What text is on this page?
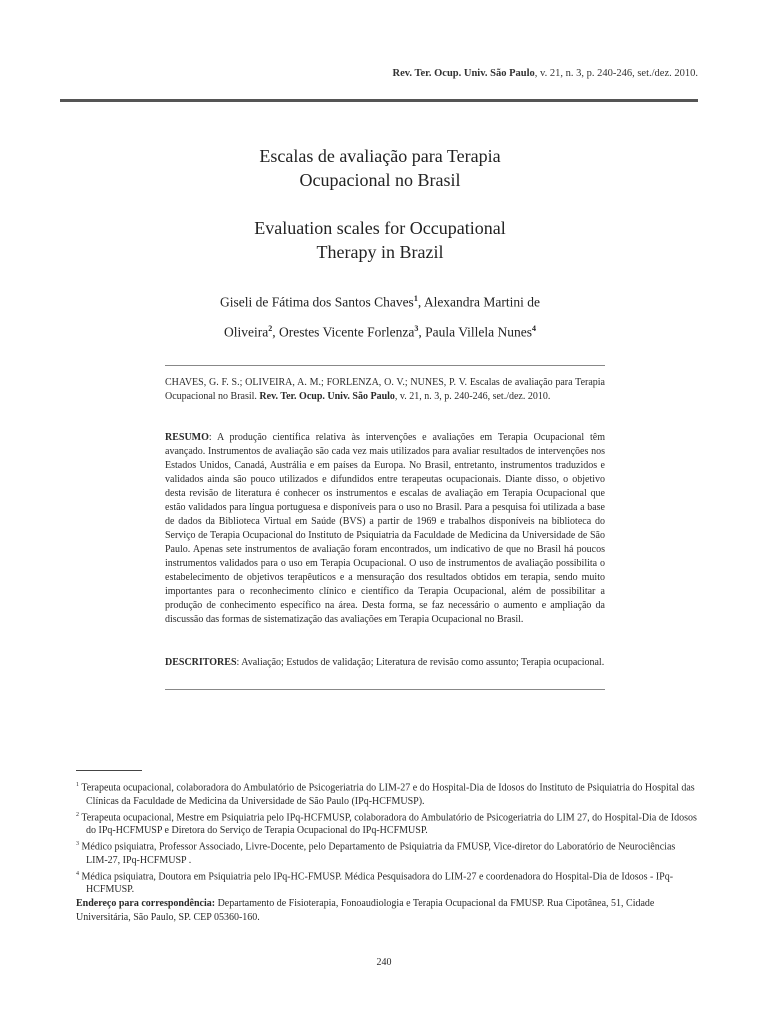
Rev. Ter. Ocup. Univ. São Paulo, v. 21, n. 3, p. 240-246, set./dez. 2010.
Escalas de avaliação para Terapia
Ocupacional no Brasil
Evaluation scales for Occupational
Therapy in Brazil
Giseli de Fátima dos Santos Chaves$^1$, Alexandra Martini de
Oliveira$^2$, Orestes Vicente Forlenza$^3$, Paula Villela Nunes$^4$
CHAVES, G. F. S.; OLIVEIRA, A. M.; FORLENZA, O. V.; NUNES, P. V. Escalas de avaliação para Terapia Ocupacional no Brasil. Rev. Ter. Ocup. Univ. São Paulo, v. 21, n. 3, p. 240-246, set./dez. 2010.
RESUMO: A produção científica relativa às intervenções e avaliações em Terapia Ocupacional têm avançado. Instrumentos de avaliação são cada vez mais utilizados para avaliar resultados de intervenções nos Estados Unidos, Canadá, Austrália e em países da Europa. No Brasil, entretanto, instrumentos traduzidos e validados ainda são pouco utilizados e difundidos entre terapeutas ocupacionais. Diante disso, o objetivo desta revisão de literatura é conhecer os instrumentos e escalas de avaliação em Terapia Ocupacional que estão validados para língua portuguesa e disponíveis para o uso no Brasil. Para a pesquisa foi utilizada a base de dados da Biblioteca Virtual em Saúde (BVS) a partir de 1969 e trabalhos disponíveis na biblioteca do Serviço de Terapia Ocupacional do Instituto de Psiquiatria da Faculdade de Medicina da Universidade de São Paulo. Apenas sete instrumentos de avaliação foram encontrados, um indicativo de que no Brasil há poucos instrumentos validados para o uso em Terapia Ocupacional. O uso de instrumentos de avaliação possibilita o estabelecimento de objetivos terapêuticos e a mensuração dos resultados obtidos em terapia, sendo muito importantes para o reconhecimento clínico e científico da Terapia Ocupacional, além de possibilitar a produção de conhecimento específico na área. Desta forma, se faz necessário o aumento e ampliação da discussão das formas de sistematização das avaliações em Terapia Ocupacional no Brasil.
DESCRITORES: Avaliação; Estudos de validação; Literatura de revisão como assunto; Terapia ocupacional.

$^1$ Terapeuta ocupacional, colaboradora do Ambulatório de Psicogeriatria do LIM-27 e do Hospital-Dia de Idosos do Instituto de Psiquiatria do Hospital das Clínicas da Faculdade de Medicina da Universidade de São Paulo (IPq-HCFMUSP).

$^2$ Terapeuta ocupacional, Mestre em Psiquiatria pelo IPq-HCFMUSP, colaboradora do Ambulatório de Psicogeriatria do LIM 27, do Hospital-Dia de Idosos do IPq-HCFMUSP e Diretora do Serviço de Terapia Ocupacional do IPq-HCFMUSP.

$^3$ Médico psiquiatra, Professor Associado, Livre-Docente, pelo Departamento de Psiquiatria da FMUSP, Vice-diretor do Laboratório de Neurociências LIM-27, IPq-HCFMUSP .

$^4$ Médica psiquiatra, Doutora em Psiquiatria pelo IPq-HC-FMUSP. Médica Pesquisadora do LIM-27 e coordenadora do Hospital-Dia de Idosos - IPq-HCFMUSP.

Endereço para correspondência: Departamento de Fisioterapia, Fonoaudiologia e Terapia Ocupacional da FMUSP. Rua Cipotânea, 51, Cidade Universitária, São Paulo, SP. CEP 05360-160.

240
